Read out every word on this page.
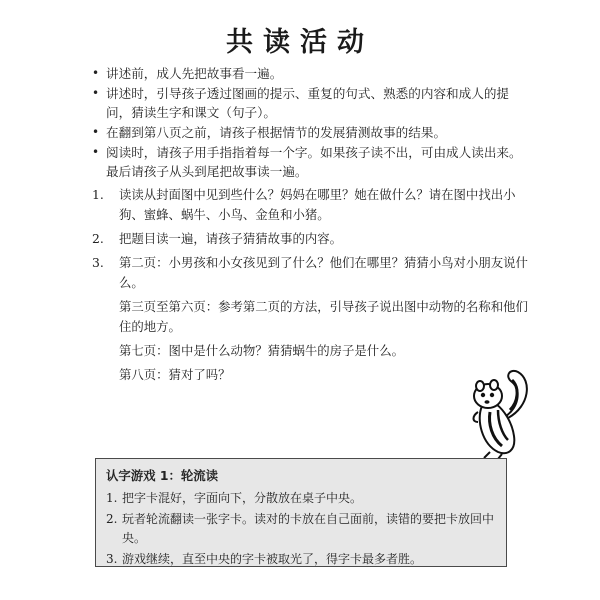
共读活动
• 讲述前，成人先把故事看一遍。
• 讲述时，引导孩子透过图画的提示、重复的句式、熟悉的内容和成人的提问，猜读生字和课文（句子）。
• 在翻到第八页之前，请孩子根据情节的发展猜测故事的结果。
• 阅读时，请孩子用手指指着每一个字。如果孩子读不出，可由成人读出来。最后请孩子从头到尾把故事读一遍。
1. 读读从封面图中见到些什么？妈妈在哪里？她在做什么？请在图中找出小狗、蜜蜂、蜗牛、小鸟、金鱼和小猪。
2. 把题目读一遍，请孩子猜猜故事的内容。
3. 第二页：小男孩和小女孩见到了什么？他们在哪里？猜猜小鸟对小朋友说什么。
第三页至第六页：参考第二页的方法，引导孩子说出图中动物的名称和他们住的地方。
第七页：图中是什么动物？猜猜蜗牛的房子是什么。
第八页：猜对了吗？
认字游戏 1：轮流读
1. 把字卡混好，字面向下，分散放在桌子中央。
2. 玩者轮流翻读一张字卡。读对的卡放在自己面前，读错的要把卡放回中央。
3. 游戏继续，直至中央的字卡被取光了，得字卡最多者胜。
